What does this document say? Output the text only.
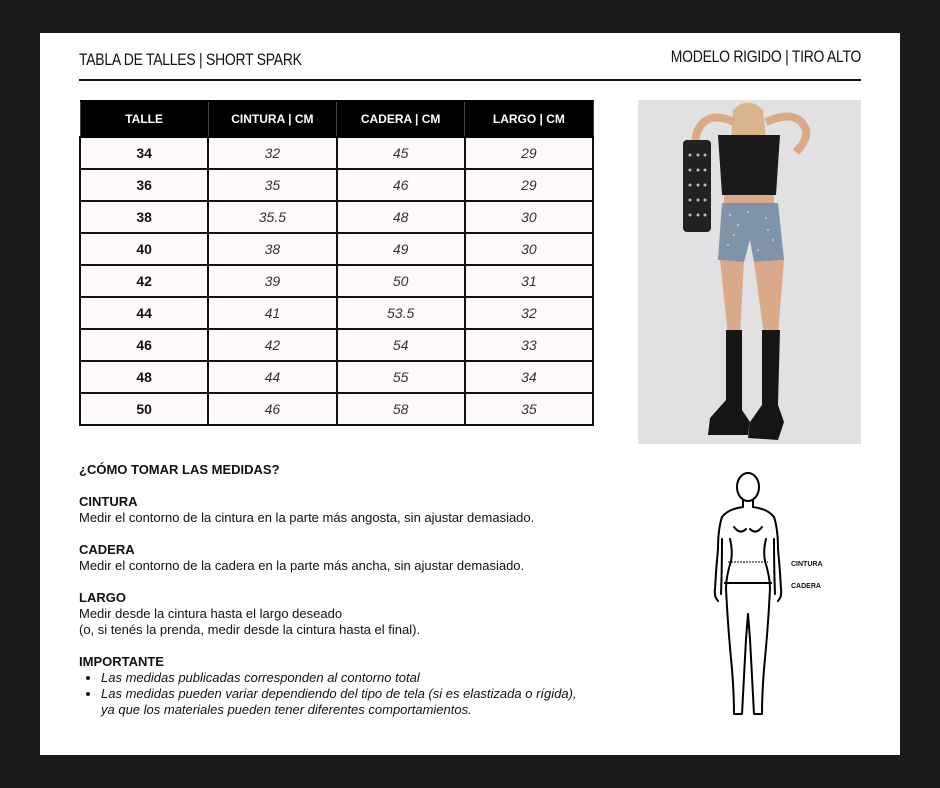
TABLA DE TALLES | SHORT SPARK	MODELO RIGIDO | TIRO ALTO
TALLE	CINTURA | CM	CADERA | CM	LARGO | CM
34	32	45	29
36	35	46	29
38	35.5	48	30
40	38	49	30
42	39	50	31
44	41	53.5	32
46	42	54	33
48	44	55	34
50	46	58	35
¿CÓMO TOMAR LAS MEDIDAS?
CINTURA
Medir el contorno de la cintura en la parte más angosta, sin ajustar demasiado.
CADERA
Medir el contorno de la cadera en la parte más ancha, sin ajustar demasiado.
LARGO
Medir desde la cintura hasta el largo deseado
(o, si tenés la prenda, medir desde la cintura hasta el final).
IMPORTANTE
• Las medidas publicadas corresponden al contorno total
• Las medidas pueden variar dependiendo del tipo de tela (si es elastizada o rígida),
ya que los materiales pueden tener diferentes comportamientos.
CINTURA
CADERA
